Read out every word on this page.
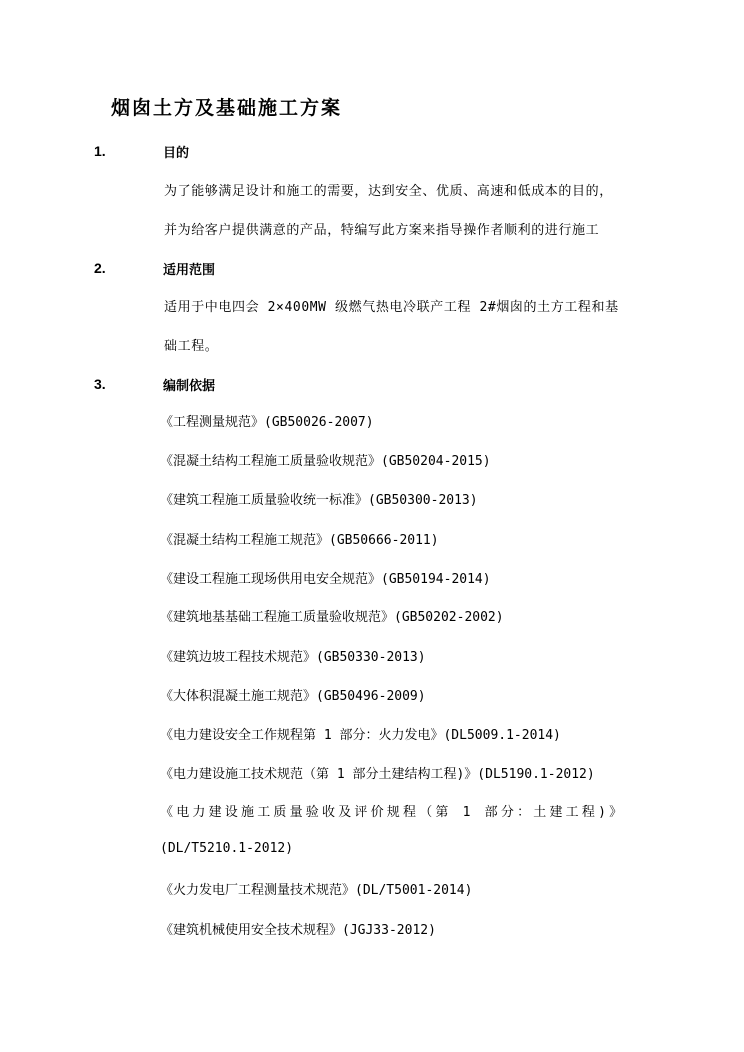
烟囱土方及基础施工方案
1.	目的
为了能够满足设计和施工的需要，达到安全、优质、高速和低成本的目的，
并为给客户提供满意的产品，特编写此方案来指导操作者顺利的进行施工
2.	适用范围
适用于中电四会 2×400MW 级燃气热电冷联产工程 2#烟囱的土方工程和基
础工程。
3.	编制依据
《工程测量规范》(GB50026-2007)
《混凝土结构工程施工质量验收规范》(GB50204-2015)
《建筑工程施工质量验收统一标准》(GB50300-2013)
《混凝土结构工程施工规范》(GB50666-2011)
《建设工程施工现场供用电安全规范》(GB50194-2014)
《建筑地基基础工程施工质量验收规范》(GB50202-2002)
《建筑边坡工程技术规范》(GB50330-2013)
《大体积混凝土施工规范》(GB50496-2009)
《电力建设安全工作规程第 1 部分：火力发电》(DL5009.1-2014)
《电力建设施工技术规范（第 1 部分土建结构工程)》(DL5190.1-2012)
《电力建设施工质量验收及评价规程（第 1 部分：土建工程)》
(DL/T5210.1-2012)
《火力发电厂工程测量技术规范》(DL/T5001-2014)
《建筑机械使用安全技术规程》(JGJ33-2012)
